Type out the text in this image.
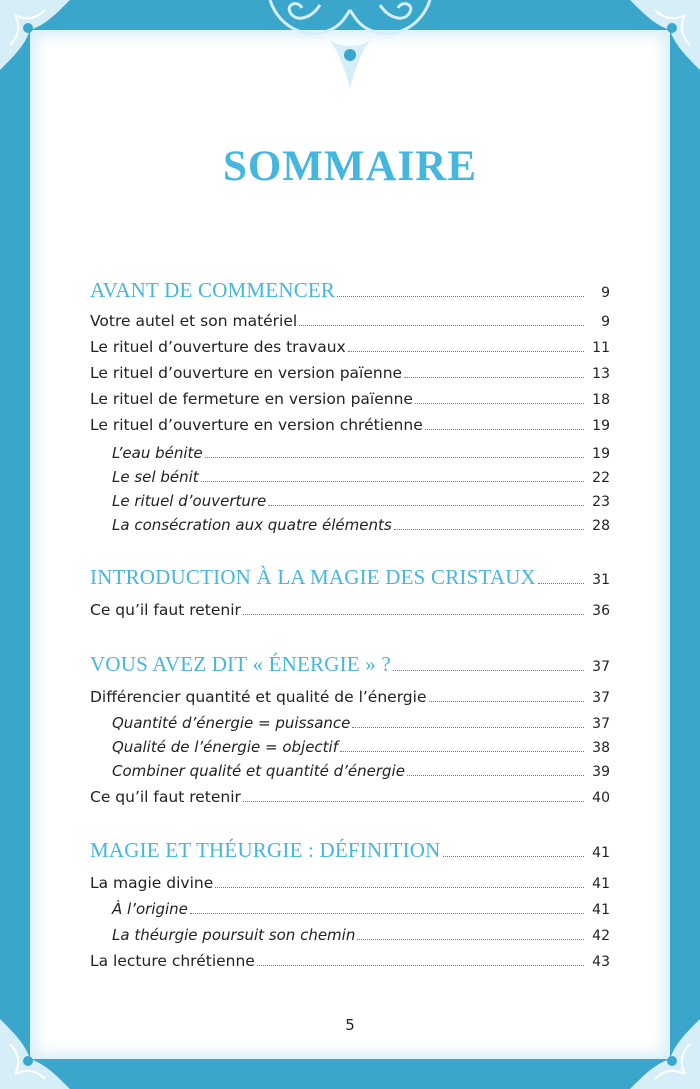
SOMMAIRE
AVANT DE COMMENCER	9
Votre autel et son matériel	9
Le rituel d’ouverture des travaux	11
Le rituel d’ouverture en version païenne	13
Le rituel de fermeture en version païenne	18
Le rituel d’ouverture en version chrétienne	19
L’eau bénite	19
Le sel bénit	22
Le rituel d’ouverture	23
La consécration aux quatre éléments	28
INTRODUCTION À LA MAGIE DES CRISTAUX	31
Ce qu’il faut retenir	36
VOUS AVEZ DIT « ÉNERGIE » ?	37
Différencier quantité et qualité de l’énergie	37
Quantité d’énergie = puissance	37
Qualité de l’énergie = objectif	38
Combiner qualité et quantité d’énergie	39
Ce qu’il faut retenir	40
MAGIE ET THÉURGIE : DÉFINITION	41
La magie divine	41
À l’origine	41
La théurgie poursuit son chemin	42
La lecture chrétienne	43
5
